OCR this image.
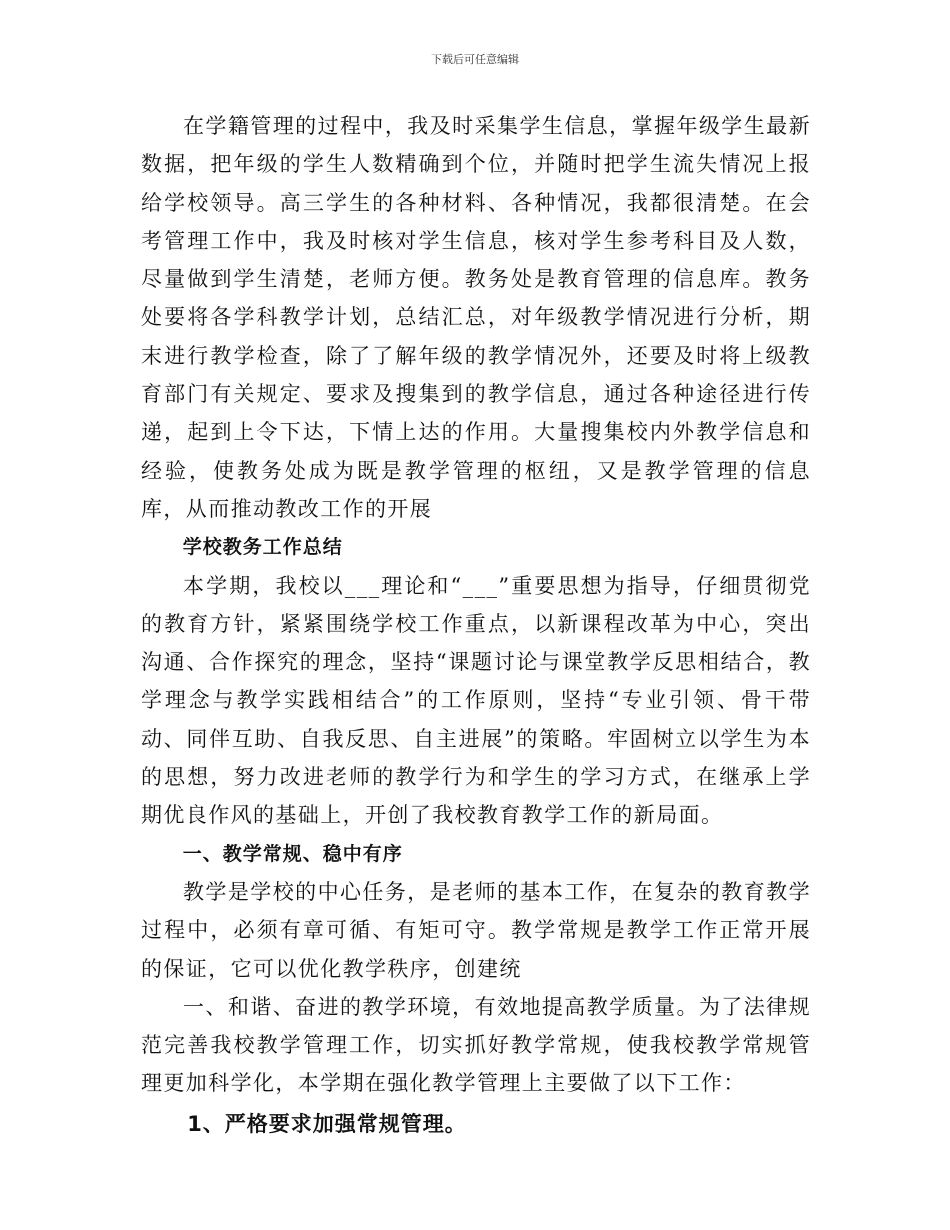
下载后可任意编辑

在学籍管理的过程中，我及时采集学生信息，掌握年级学生最新数据，把年级的学生人数精确到个位，并随时把学生流失情况上报给学校领导。高三学生的各种材料、各种情况，我都很清楚。在会考管理工作中，我及时核对学生信息，核对学生参考科目及人数，尽量做到学生清楚，老师方便。教务处是教育管理的信息库。教务处要将各学科教学计划，总结汇总，对年级教学情况进行分析，期末进行教学检查，除了了解年级的教学情况外，还要及时将上级教育部门有关规定、要求及搜集到的教学信息，通过各种途径进行传递，起到上令下达，下情上达的作用。大量搜集校内外教学信息和经验，使教务处成为既是教学管理的枢纽，又是教学管理的信息库，从而推动教改工作的开展

学校教务工作总结

本学期，我校以___理论和“___”重要思想为指导，仔细贯彻党的教育方针，紧紧围绕学校工作重点，以新课程改革为中心，突出沟通、合作探究的理念，坚持“课题讨论与课堂教学反思相结合，教学理念与教学实践相结合”的工作原则，坚持“专业引领、骨干带动、同伴互助、自我反思、自主进展”的策略。牢固树立以学生为本的思想，努力改进老师的教学行为和学生的学习方式，在继承上学期优良作风的基础上，开创了我校教育教学工作的新局面。

一、教学常规、稳中有序

教学是学校的中心任务，是老师的基本工作，在复杂的教育教学过程中，必须有章可循、有矩可守。教学常规是教学工作正常开展的保证，它可以优化教学秩序，创建统

一、和谐、奋进的教学环境，有效地提高教学质量。为了法律规范完善我校教学管理工作，切实抓好教学常规，使我校教学常规管理更加科学化，本学期在强化教学管理上主要做了以下工作：

1、严格要求加强常规管理。
